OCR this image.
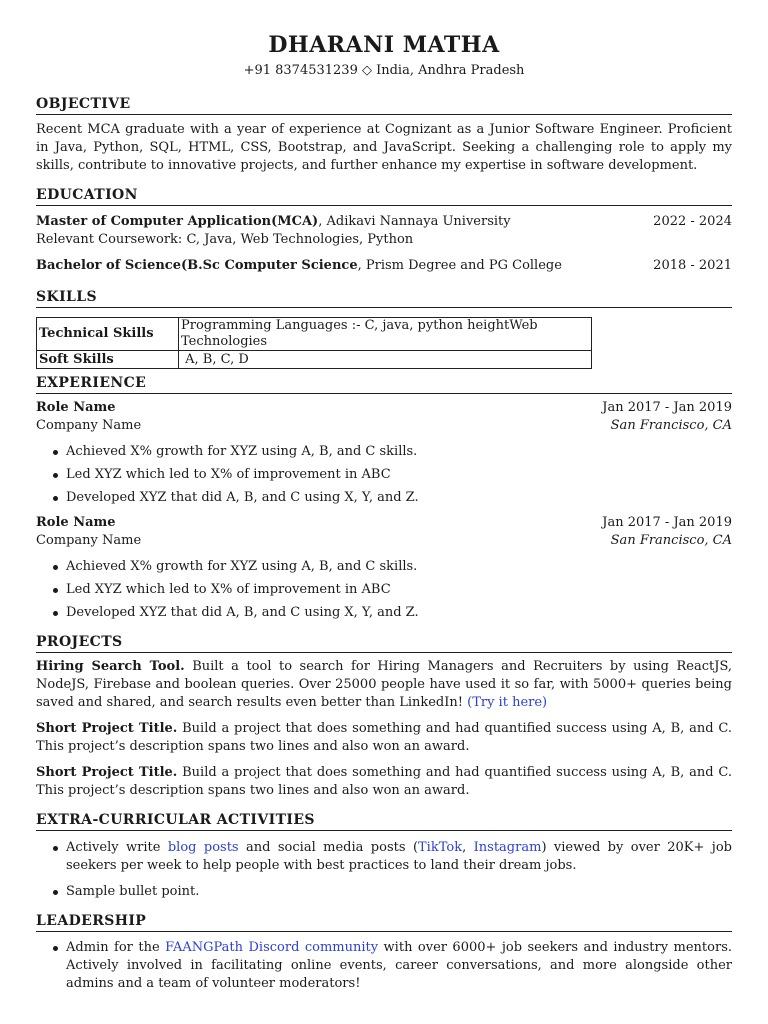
DHARANI MATHA
+91 8374531239 ◇ India, Andhra Pradesh
OBJECTIVE
Recent MCA graduate with a year of experience at Cognizant as a Junior Software Engineer. Proficient in Java, Python, SQL, HTML, CSS, Bootstrap, and JavaScript. Seeking a challenging role to apply my skills, contribute to innovative projects, and further enhance my expertise in software development.
EDUCATION
Master of Computer Application(MCA), Adikavi Nannaya University	2022 - 2024
Relevant Coursework: C, Java, Web Technologies, Python
Bachelor of Science(B.Sc Computer Science, Prism Degree and PG College	2018 - 2021
SKILLS
Technical Skills	Programming Languages :- C, java, python heightWeb Technologies
Soft Skills	A, B, C, D
EXPERIENCE
Role Name	Jan 2017 - Jan 2019
Company Name	San Francisco, CA
Achieved X% growth for XYZ using A, B, and C skills.
Led XYZ which led to X% of improvement in ABC
Developed XYZ that did A, B, and C using X, Y, and Z.
Role Name	Jan 2017 - Jan 2019
Company Name	San Francisco, CA
Achieved X% growth for XYZ using A, B, and C skills.
Led XYZ which led to X% of improvement in ABC
Developed XYZ that did A, B, and C using X, Y, and Z.
PROJECTS
Hiring Search Tool. Built a tool to search for Hiring Managers and Recruiters by using ReactJS, NodeJS, Firebase and boolean queries. Over 25000 people have used it so far, with 5000+ queries being saved and shared, and search results even better than LinkedIn! (Try it here)
Short Project Title. Build a project that does something and had quantified success using A, B, and C. This project’s description spans two lines and also won an award.
Short Project Title. Build a project that does something and had quantified success using A, B, and C. This project’s description spans two lines and also won an award.
EXTRA-CURRICULAR ACTIVITIES
Actively write blog posts and social media posts (TikTok, Instagram) viewed by over 20K+ job seekers per week to help people with best practices to land their dream jobs.
Sample bullet point.
LEADERSHIP
Admin for the FAANGPath Discord community with over 6000+ job seekers and industry mentors. Actively involved in facilitating online events, career conversations, and more alongside other admins and a team of volunteer moderators!
